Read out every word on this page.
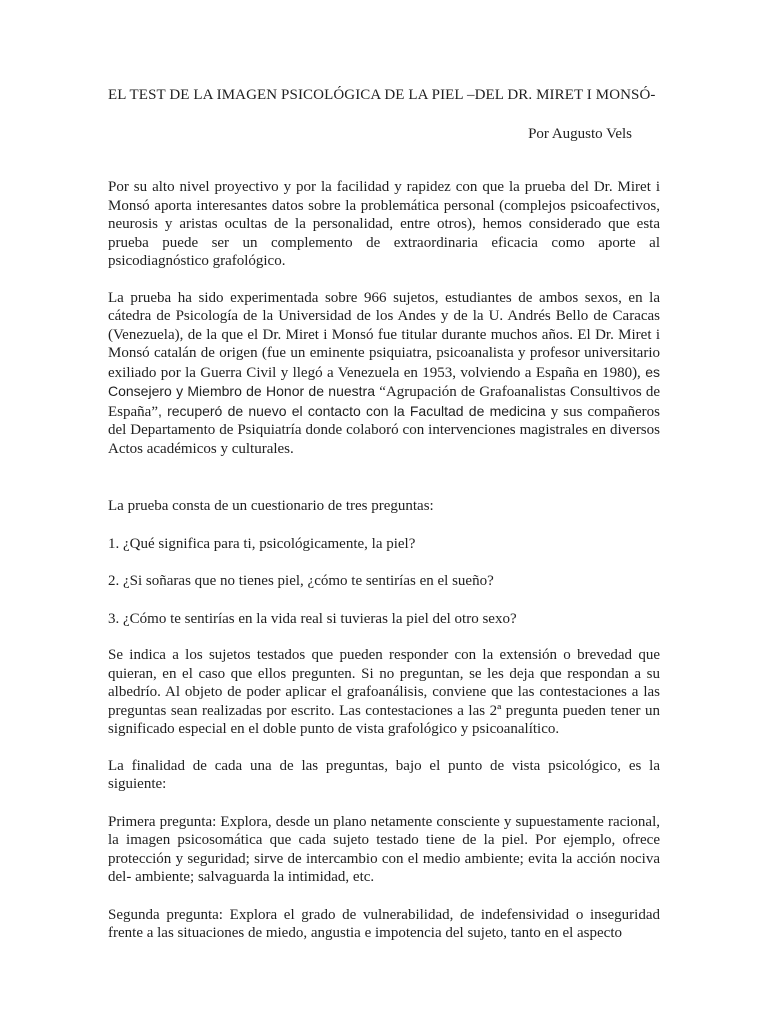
EL TEST DE LA IMAGEN PSICOLÓGICA DE LA PIEL –DEL DR. MIRET I MONSÓ-

Por Augusto Vels

Por su alto nivel proyectivo y por la facilidad y rapidez con que la prueba del Dr. Miret i Monsó aporta interesantes datos sobre la problemática personal (complejos psicoafectivos, neurosis y aristas ocultas de la personalidad, entre otros), hemos considerado que esta prueba puede ser un complemento de extraordinaria eficacia como aporte al psicodiagnóstico grafológico.

La prueba ha sido experimentada sobre 966 sujetos, estudiantes de ambos sexos, en la cátedra de Psicología de la Universidad de los Andes y de la U. Andrés Bello de Caracas (Venezuela), de la que el Dr. Miret i Monsó fue titular durante muchos años. El Dr. Miret i Monsó catalán de origen (fue un eminente psiquiatra, psicoanalista y profesor universitario exiliado por la Guerra Civil y llegó a Venezuela en 1953, volviendo a España en 1980), es Consejero y Miembro de Honor de nuestra “Agrupación de Grafoanalistas Consultivos de España”, recuperó de nuevo el contacto con la Facultad de medicina y sus compañeros del Departamento de Psiquiatría donde colaboró con intervenciones magistrales en diversos Actos académicos y culturales.

La prueba consta de un cuestionario de tres preguntas:

1. ¿Qué significa para ti, psicológicamente, la piel?

2. ¿Si soñaras que no tienes piel, ¿cómo te sentirías en el sueño?

3. ¿Cómo te sentirías en la vida real si tuvieras la piel del otro sexo?

Se indica a los sujetos testados que pueden responder con la extensión o brevedad que quieran, en el caso que ellos pregunten. Si no preguntan, se les deja que respondan a su albedrío. Al objeto de poder aplicar el grafoanálisis, conviene que las contestaciones a las preguntas sean realizadas por escrito. Las contestaciones a las 2ª pregunta pueden tener un significado especial en el doble punto de vista grafológico y psicoanalítico.

La finalidad de cada una de las preguntas, bajo el punto de vista psicológico, es la siguiente:

Primera pregunta: Explora, desde un plano netamente consciente y supuestamente racional, la imagen psicosomática que cada sujeto testado tiene de la piel. Por ejemplo, ofrece protección y seguridad; sirve de intercambio con el medio ambiente; evita la acción nociva del- ambiente; salvaguarda la intimidad, etc.

Segunda pregunta: Explora el grado de vulnerabilidad, de indefensividad o inseguridad frente a las situaciones de miedo, angustia e impotencia del sujeto, tanto en el aspecto
